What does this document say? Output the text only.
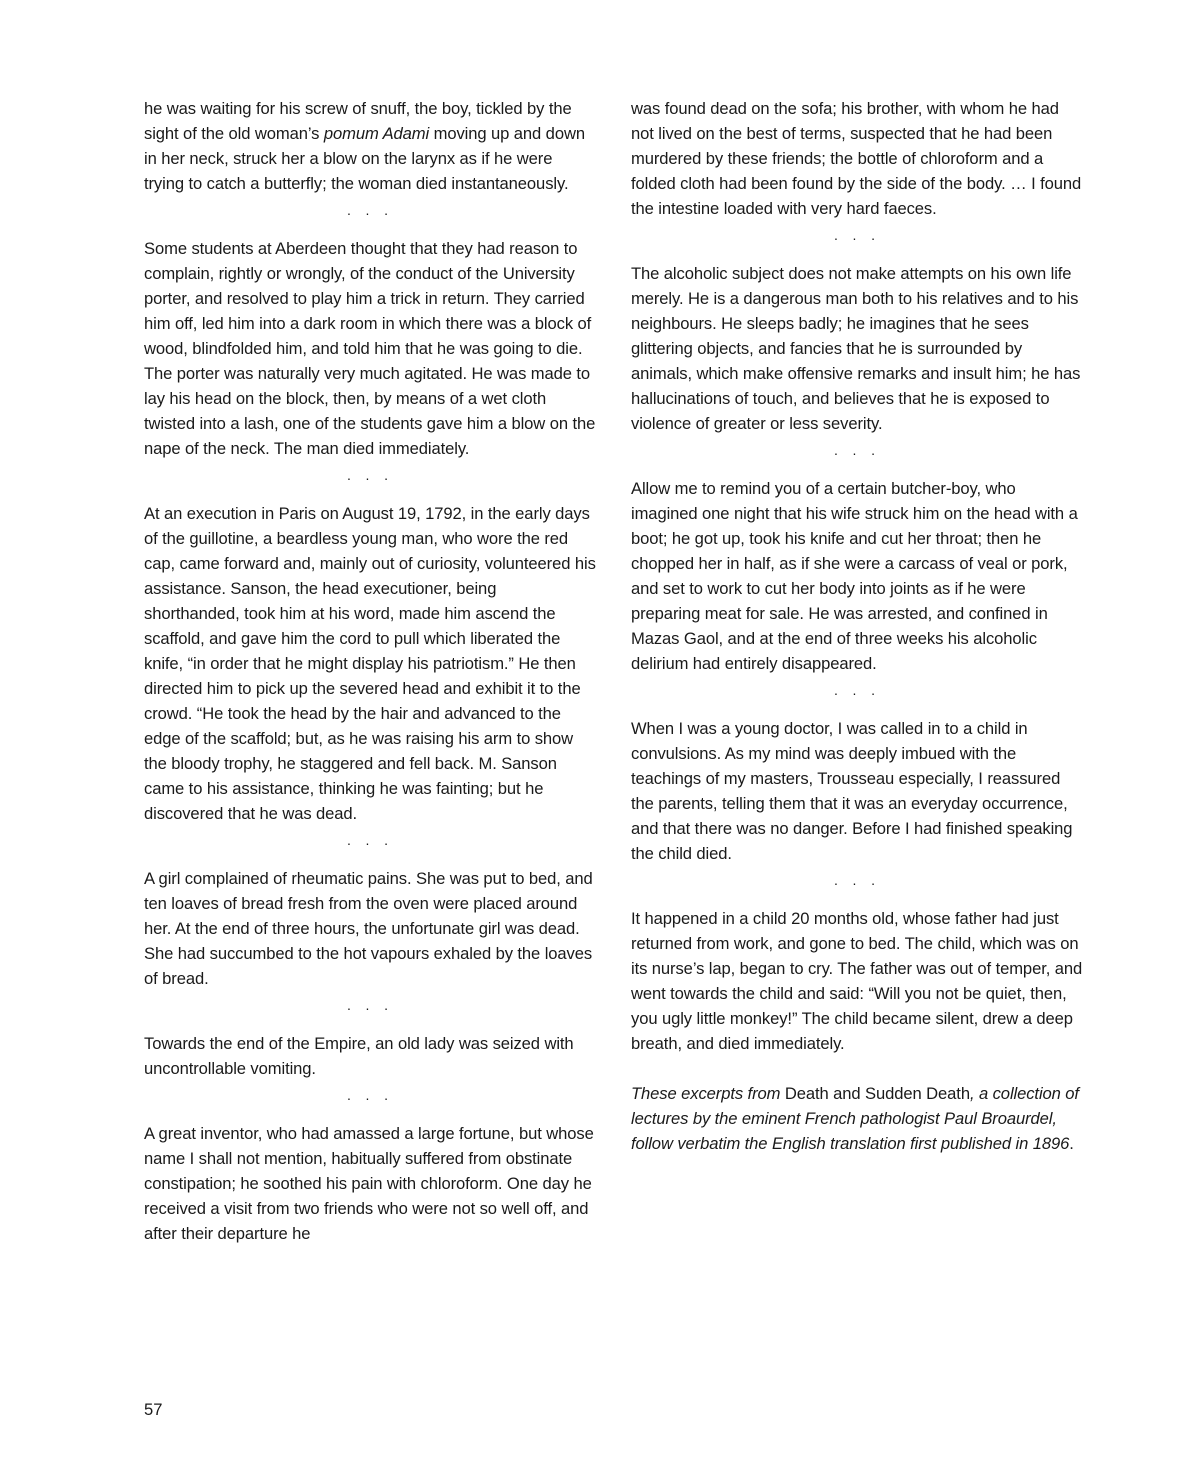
he was waiting for his screw of snuff, the boy, tickled by the sight of the old woman’s pomum Adami moving up and down in her neck, struck her a blow on the larynx as if he were trying to catch a butterfly; the woman died instantaneously.

· · ·

Some students at Aberdeen thought that they had reason to complain, rightly or wrongly, of the conduct of the University porter, and resolved to play him a trick in return. They carried him off, led him into a dark room in which there was a block of wood, blindfolded him, and told him that he was going to die. The porter was naturally very much agitated. He was made to lay his head on the block, then, by means of a wet cloth twisted into a lash, one of the students gave him a blow on the nape of the neck. The man died immediately.

· · ·

At an execution in Paris on August 19, 1792, in the early days of the guillotine, a beardless young man, who wore the red cap, came forward and, mainly out of curiosity, volunteered his assistance. Sanson, the head executioner, being shorthanded, took him at his word, made him ascend the scaffold, and gave him the cord to pull which liberated the knife, “in order that he might display his patriotism.” He then directed him to pick up the severed head and exhibit it to the crowd. “He took the head by the hair and advanced to the edge of the scaffold; but, as he was raising his arm to show the bloody trophy, he staggered and fell back. M. Sanson came to his assistance, thinking he was fainting; but he discovered that he was dead.

· · ·

A girl complained of rheumatic pains. She was put to bed, and ten loaves of bread fresh from the oven were placed around her. At the end of three hours, the unfortunate girl was dead. She had succumbed to the hot vapours exhaled by the loaves of bread.

· · ·

Towards the end of the Empire, an old lady was seized with uncontrollable vomiting.

· · ·

A great inventor, who had amassed a large fortune, but whose name I shall not mention, habitually suffered from obstinate constipation; he soothed his pain with chloroform. One day he received a visit from two friends who were not so well off, and after their departure he

was found dead on the sofa; his brother, with whom he had not lived on the best of terms, suspected that he had been murdered by these friends; the bottle of chloroform and a folded cloth had been found by the side of the body. … I found the intestine loaded with very hard faeces.

· · ·

The alcoholic subject does not make attempts on his own life merely. He is a dangerous man both to his relatives and to his neighbours. He sleeps badly; he imagines that he sees glittering objects, and fancies that he is surrounded by animals, which make offensive remarks and insult him; he has hallucinations of touch, and believes that he is exposed to violence of greater or less severity.

· · ·

Allow me to remind you of a certain butcher-boy, who imagined one night that his wife struck him on the head with a boot; he got up, took his knife and cut her throat; then he chopped her in half, as if she were a carcass of veal or pork, and set to work to cut her body into joints as if he were preparing meat for sale. He was arrested, and confined in Mazas Gaol, and at the end of three weeks his alcoholic delirium had entirely disappeared.

· · ·

When I was a young doctor, I was called in to a child in convulsions. As my mind was deeply imbued with the teachings of my masters, Trousseau especially, I reassured the parents, telling them that it was an everyday occurrence, and that there was no danger. Before I had finished speaking the child died.

· · ·

It happened in a child 20 months old, whose father had just returned from work, and gone to bed. The child, which was on its nurse’s lap, began to cry. The father was out of temper, and went towards the child and said: “Will you not be quiet, then, you ugly little monkey!” The child became silent, drew a deep breath, and died immediately.

These excerpts from Death and Sudden Death, a collection of lectures by the eminent French pathologist Paul Broaurdel, follow verbatim the English translation first published in 1896.

57
